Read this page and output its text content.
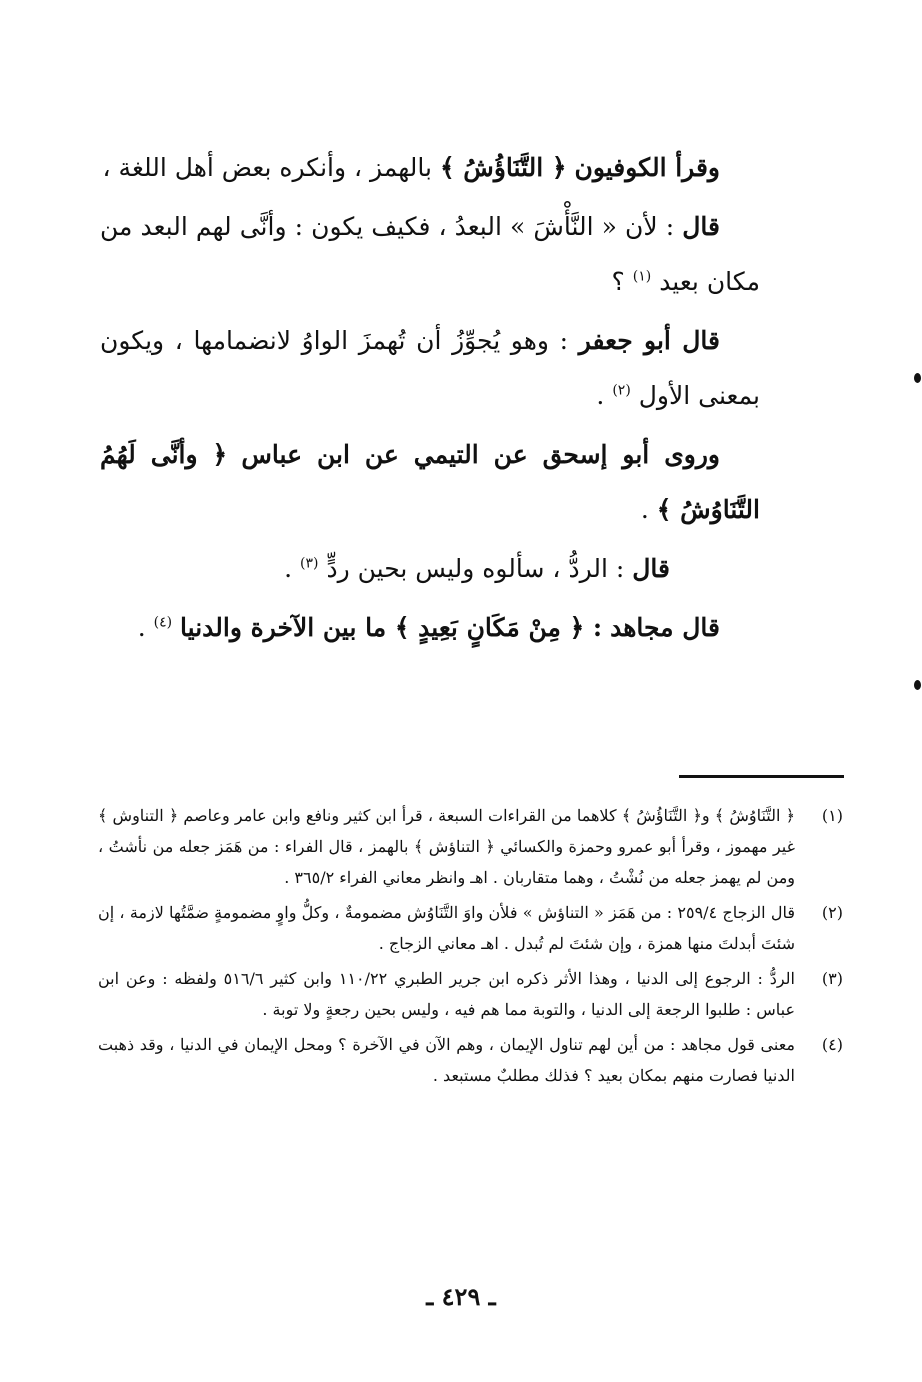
وقرأ الكوفيون ﴿ التَّنَاؤُشُ ﴾ بالهمز ، وأنكره بعض أهل اللغة ،

قال : لأن « النَّأْشَ » البعدُ ، فكيف يكون : وأنَّى لهم البعد من مكان بعيد $^{(١)}$ ؟

قال أبو جعفر : وهو يُجوِّزُ أن تُهمزَ الواوُ لانضمامها ، ويكون بمعنى الأول $^{(٢)}$ .

وروى أبو إسحق عن التيمي عن ابن عباس ﴿ وأنَّى لَهُمُ التَّنَاوُشُ ﴾ .

قال : الردُّ ، سألوه وليس بحين ردٍّ $^{(٣)}$ .

قال مجاهد : ﴿ مِنْ مَكَانٍ بَعِيدٍ ﴾ ما بين الآخرة والدنيا $^{(٤)}$ .

(١)
﴿ التَّنَاوُشُ ﴾ و﴿ التَّنَاؤُشُ ﴾ كلاهما من القراءات السبعة ، قرأ ابن كثير ونافع وابن عامر وعاصم ﴿ التناوش ﴾ غير مهموز ، وقرأ أبو عمرو وحمزة والكسائي ﴿ التناؤش ﴾ بالهمز ، قال الفراء : من هَمَز جعله من نأشتُ ، ومن لم يهمز جعله من نُشْتُ ، وهما متقاربان . اهـ وانظر معاني الفراء ٣٦٥/٢ .
(٢)
قال الزجاج ٢٥٩/٤ : من هَمَز « التناؤش » فلأن واوَ التَّنَاوُش مضمومةٌ ، وكلُّ واوٍ مضمومةٍ ضمَّتُها لازمة ، إن شئتَ أبدلتَ منها همزة ، وإن شئتَ لم تُبدل . اهـ معاني الزجاج .
(٣)
الردُّ : الرجوع إلى الدنيا ، وهذا الأثر ذكره ابن جرير الطبري ١١٠/٢٢ وابن كثير ٥١٦/٦ ولفظه : وعن ابن عباس : طلبوا الرجعة إلى الدنيا ، والتوبة مما هم فيه ، وليس بحين رجعةٍ ولا توبة .
(٤)
معنى قول مجاهد : من أين لهم تناول الإيمان ، وهم الآن في الآخرة ؟ ومحل الإيمان في الدنيا ، وقد ذهبت الدنيا فصارت منهم بمكان بعيد ؟ فذلك مطلبٌ مستبعد .
ـ ٤٢٩ ـ
